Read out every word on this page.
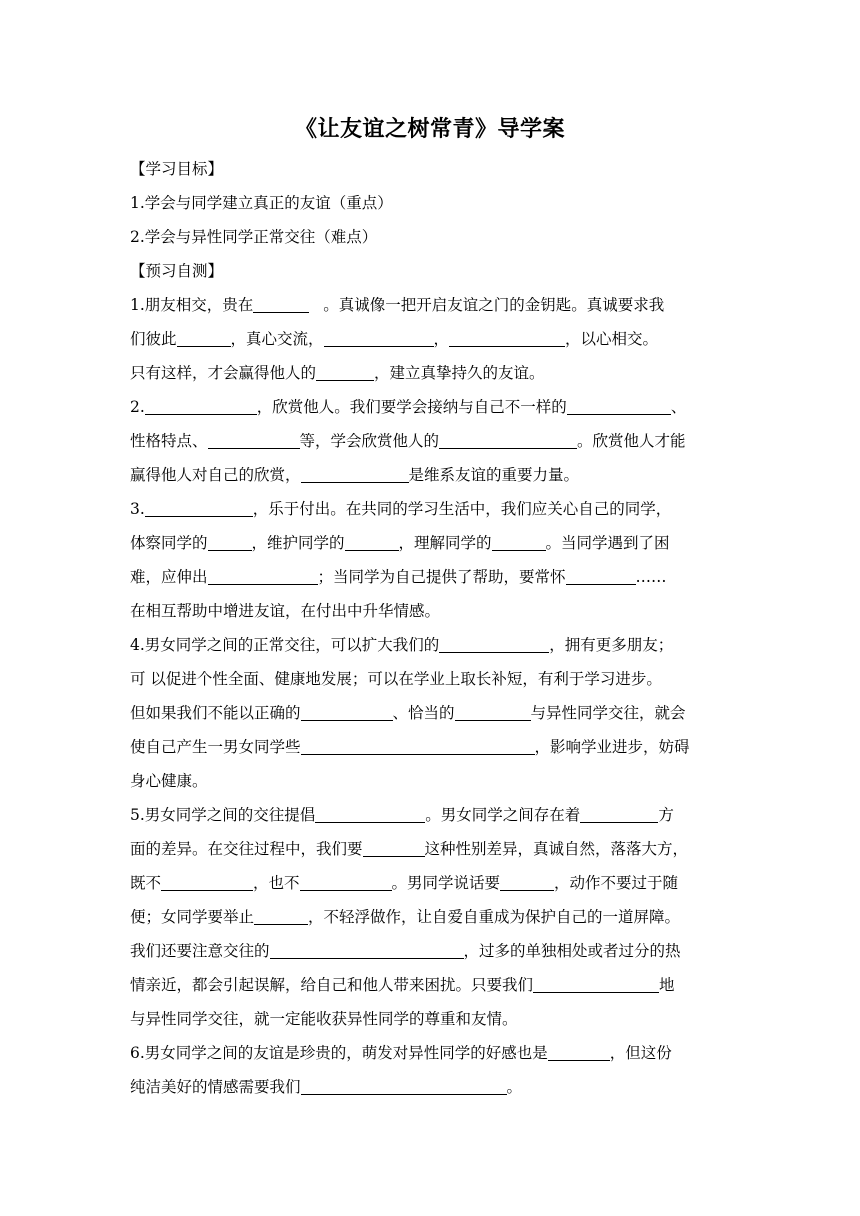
《让友谊之树常青》导学案
【学习目标】
1.学会与同学建立真正的友谊（重点）
2.学会与异性同学正常交往（难点）
【预习自测】
1.朋友相交，贵在	。真诚像一把开启友谊之门的金钥匙。真诚要求我
们彼此	，真心交流，	，	，以心相交。
只有这样，才会赢得他人的	，建立真挚持久的友谊。
2.	，欣赏他人。我们要学会接纳与自己不一样的	、
性格特点、	等，学会欣赏他人的	。欣赏他人才能
赢得他人对自己的欣赏，	是维系友谊的重要力量。
3.	，乐于付出。在共同的学习生活中，我们应关心自己的同学，
体察同学的	，维护同学的	，理解同学的	。当同学遇到了困
难，应伸出	；当同学为自己提供了帮助，要常怀	……
在相互帮助中增进友谊，在付出中升华情感。
4.男女同学之间的正常交往，可以扩大我们的	，拥有更多朋友；
可 以促进个性全面、健康地发展；可以在学业上取长补短，有利于学习进步。
但如果我们不能以正确的	、恰当的	与异性同学交往，就会
使自己产生一男女同学些	，影响学业进步，妨碍
身心健康。
5.男女同学之间的交往提倡	。男女同学之间存在着	方
面的差异。在交往过程中，我们要	这种性别差异，真诚自然，落落大方，
既不	，也不	。男同学说话要	，动作不要过于随
便；女同学要举止	，不轻浮做作，让自爱自重成为保护自己的一道屏障。
我们还要注意交往的	，过多的单独相处或者过分的热
情亲近，都会引起误解，给自己和他人带来困扰。只要我们	地
与异性同学交往，就一定能收获异性同学的尊重和友情。
6.男女同学之间的友谊是珍贵的，萌发对异性同学的好感也是	，但这份
纯洁美好的情感需要我们	。
